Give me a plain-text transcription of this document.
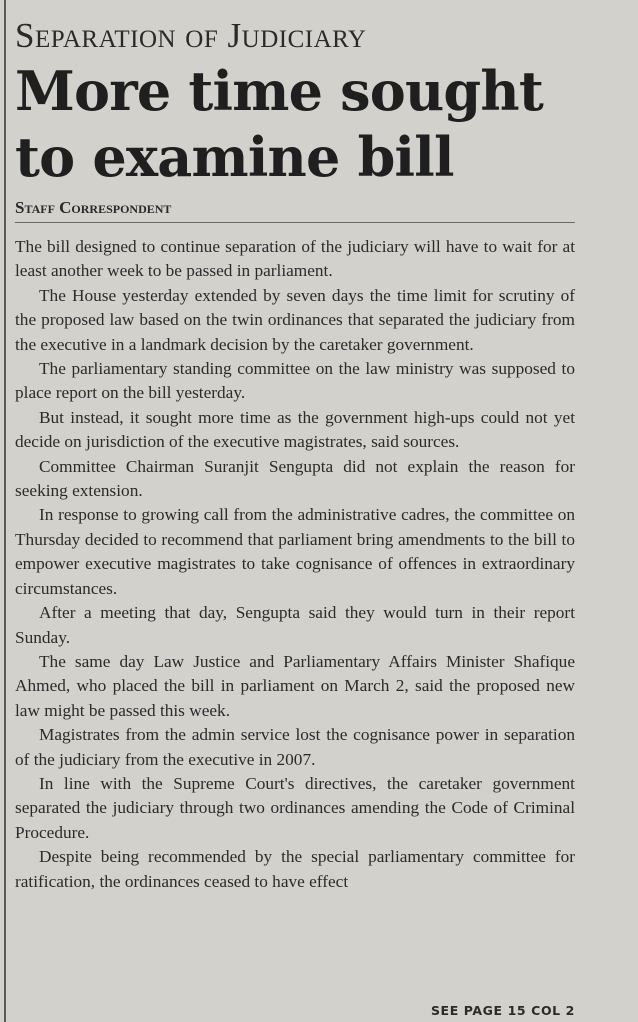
Separation of Judiciary
More time sought to examine bill
Staff Correspondent

The bill designed to continue separation of the judiciary will have to wait for at least another week to be passed in parliament.

The House yesterday extended by seven days the time limit for scrutiny of the proposed law based on the twin ordinances that separated the judiciary from the executive in a landmark decision by the caretaker government.

The parliamentary standing committee on the law ministry was supposed to place report on the bill yesterday.

But instead, it sought more time as the government high-ups could not yet decide on jurisdiction of the executive magistrates, said sources.

Committee Chairman Suranjit Sengupta did not explain the reason for seeking extension.

In response to growing call from the administrative cadres, the committee on Thursday decided to recommend that parliament bring amendments to the bill to empower executive magistrates to take cognisance of offences in extraordinary circumstances.

After a meeting that day, Sengupta said they would turn in their report Sunday.

The same day Law Justice and Parliamentary Affairs Minister Shafique Ahmed, who placed the bill in parliament on March 2, said the proposed new law might be passed this week.

Magistrates from the admin service lost the cognisance power in separation of the judiciary from the executive in 2007.

In line with the Supreme Court's directives, the caretaker government separated the judiciary through two ordinances amending the Code of Criminal Procedure.

Despite being recommended by the special parliamentary committee for ratification, the ordinances ceased to have effect

SEE PAGE 15 COL 2
